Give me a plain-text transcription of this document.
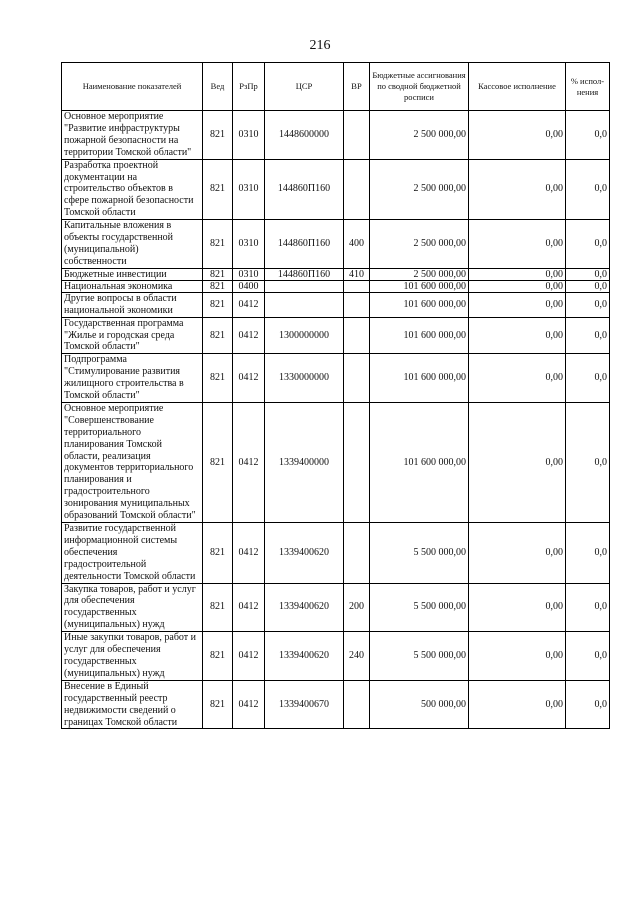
216
Наименование показателей	Вед	РзПр	ЦСР	ВР	Бюджетные ассигнования по сводной бюджетной росписи	Кассовое исполнение	% испол-нения
Основное мероприятие "Развитие инфраструктуры пожарной безопасности на территории Томской области"	821	0310	1448600000		2 500 000,00	0,00	0,0
Разработка проектной документации на строительство объектов в сфере пожарной безопасности Томской области	821	0310	144860П160		2 500 000,00	0,00	0,0
Капитальные вложения в объекты государственной (муниципальной) собственности	821	0310	144860П160	400	2 500 000,00	0,00	0,0
Бюджетные инвестиции	821	0310	144860П160	410	2 500 000,00	0,00	0,0
Национальная экономика	821	0400			101 600 000,00	0,00	0,0
Другие вопросы в области национальной экономики	821	0412			101 600 000,00	0,00	0,0
Государственная программа "Жилье и городская среда Томской области"	821	0412	1300000000		101 600 000,00	0,00	0,0
Подпрограмма "Стимулирование развития жилищного строительства в Томской области"	821	0412	1330000000		101 600 000,00	0,00	0,0
Основное мероприятие "Совершенствование территориального планирования Томской области, реализация документов территориального планирования и градостроительного зонирования муниципальных образований Томской области"	821	0412	1339400000		101 600 000,00	0,00	0,0
Развитие государственной информационной системы обеспечения градостроительной деятельности Томской области	821	0412	1339400620		5 500 000,00	0,00	0,0
Закупка товаров, работ и услуг для обеспечения государственных (муниципальных) нужд	821	0412	1339400620	200	5 500 000,00	0,00	0,0
Иные закупки товаров, работ и услуг для обеспечения государственных (муниципальных) нужд	821	0412	1339400620	240	5 500 000,00	0,00	0,0
Внесение в Единый государственный реестр недвижимости сведений о границах Томской области	821	0412	1339400670		500 000,00	0,00	0,0
